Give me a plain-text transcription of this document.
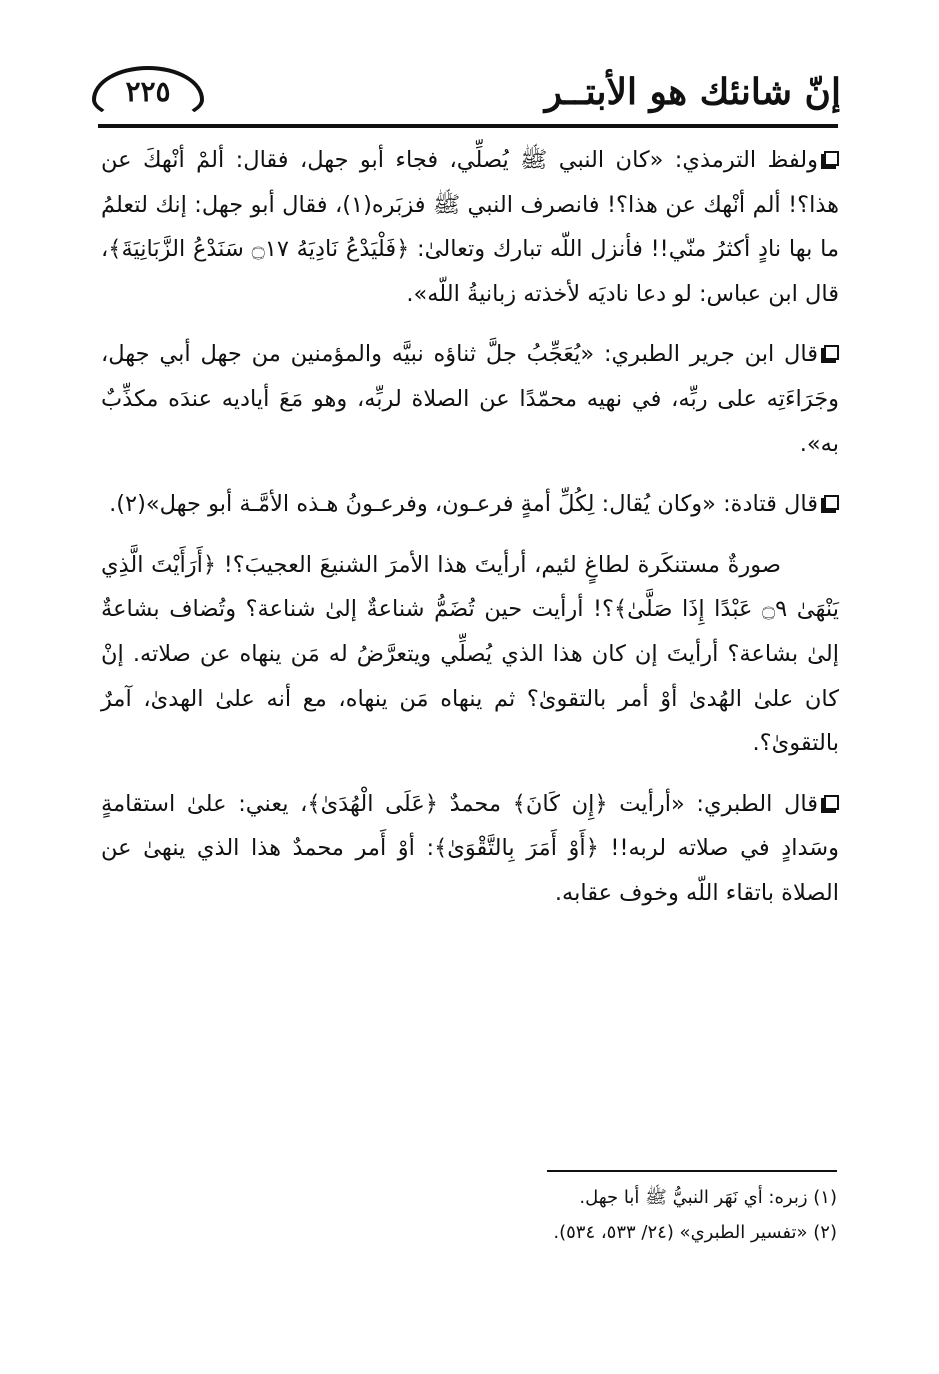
إنّ شانئك هو الأبتــر
٢٢٥

ولفظ الترمذي: «كان النبي ﷺ يُصلِّي، فجاء أبو جهل، فقال: ألمْ أنْهكَ عن هذا؟! ألم أنْهك عن هذا؟! فانصرف النبي ﷺ فزبَره(١)، فقال أبو جهل: إنك لتعلمُ ما بها نادٍ أكثرُ منّي!! فأنزل اللّه تبارك وتعالىٰ: ﴿فَلْيَدْعُ نَادِيَهُ ۝١٧ سَنَدْعُ الزَّبَانِيَةَ﴾، قال ابن عباس: لو دعا ناديَه لأخذته زبانيةُ اللّه».

قال ابن جرير الطبري: «يُعَجِّبُ جلَّ ثناؤه نبيَّه والمؤمنين من جهل أبي جهل، وجَرَاءَتِه على ربِّه، في نهيه محمّدًا عن الصلاة لربِّه، وهو مَعَ أياديه عندَه مكذِّبٌ به».

قال قتادة: «وكان يُقال: لِكُلِّ أمةٍ فرعـون، وفرعـونُ هـذه الأمَّـة أبو جهل»(٢).

صورةٌ مستنكَرة لطاغٍ لئيم، أرأيتَ هذا الأمرَ الشنيعَ العجيبَ؟! ﴿أَرَأَيْتَ الَّذِي يَنْهَىٰ ۝٩ عَبْدًا إِذَا صَلَّىٰ﴾؟! أرأيت حين تُضَمُّ شناعةٌ إلىٰ شناعة؟ وتُضاف بشاعةٌ إلىٰ بشاعة؟ أرأيتَ إن كان هذا الذي يُصلِّي ويتعرَّضُ له مَن ينهاه عن صلاته. إنْ كان علىٰ الهُدىٰ أوْ أمر بالتقوىٰ؟ ثم ينهاه مَن ينهاه، مع أنه علىٰ الهدىٰ، آمرٌ بالتقوىٰ؟.

قال الطبري: «أرأيت ﴿إِن كَانَ﴾ محمدٌ ﴿عَلَى الْهُدَىٰ﴾، يعني: علىٰ استقامةٍ وسَدادٍ في صلاته لربه!! ﴿أَوْ أَمَرَ بِالتَّقْوَىٰ﴾: أوْ أَمر محمدٌ هذا الذي ينهىٰ عن الصلاة باتقاء اللّه وخوف عقابه.

(١) زبره: أي نَهَر النبيُّ ﷺ أبا جهل.

(٢) «تفسير الطبري» (٢٤/ ٥٣٣، ٥٣٤).
